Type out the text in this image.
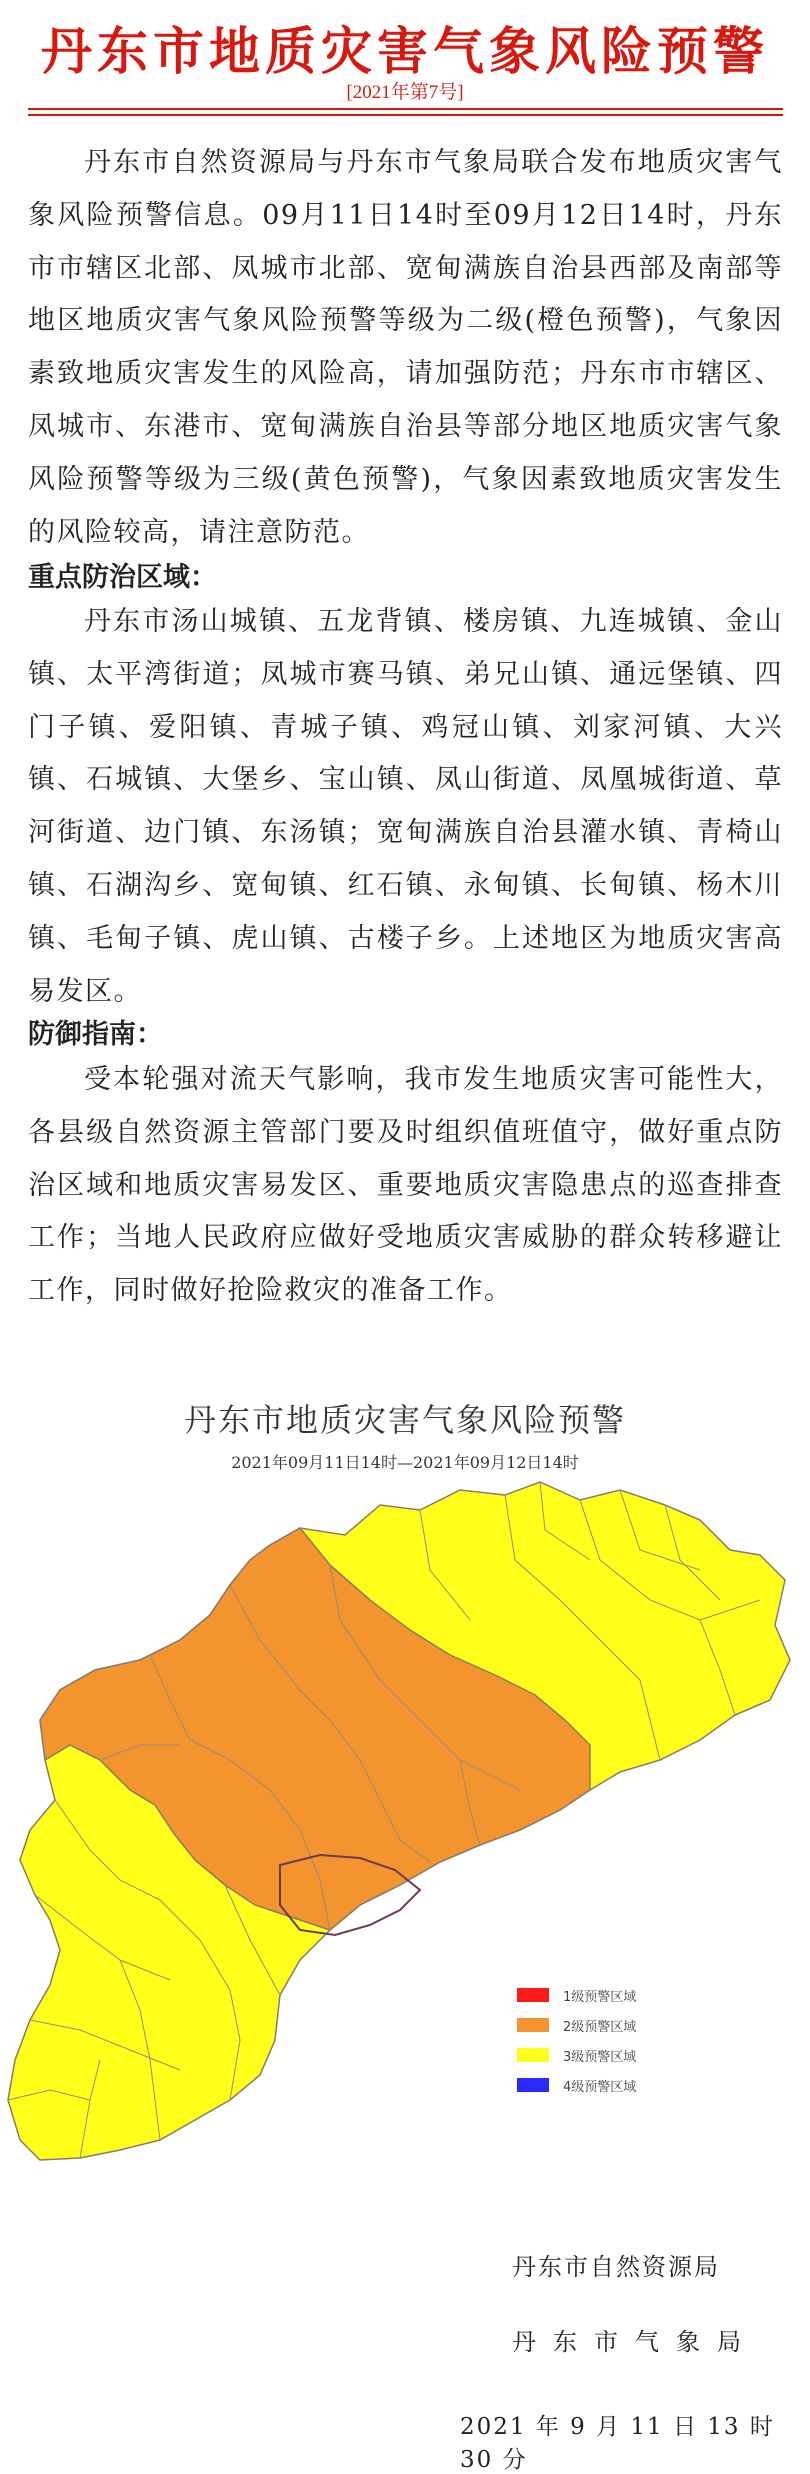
丹东市地质灾害气象风险预警
[2021年第7号]
丹东市自然资源局与丹东市气象局联合发布地质灾害气象风险预警信息。09月11日14时至09月12日14时，丹东市市辖区北部、凤城市北部、宽甸满族自治县西部及南部等地区地质灾害气象风险预警等级为二级(橙色预警)，气象因素致地质灾害发生的风险高，请加强防范；丹东市市辖区、凤城市、东港市、宽甸满族自治县等部分地区地质灾害气象风险预警等级为三级(黄色预警)，气象因素致地质灾害发生的风险较高，请注意防范。
重点防治区域：
丹东市汤山城镇、五龙背镇、楼房镇、九连城镇、金山镇、太平湾街道；凤城市赛马镇、弟兄山镇、通远堡镇、四门子镇、爱阳镇、青城子镇、鸡冠山镇、刘家河镇、大兴镇、石城镇、大堡乡、宝山镇、凤山街道、凤凰城街道、草河街道、边门镇、东汤镇；宽甸满族自治县灌水镇、青椅山镇、石湖沟乡、宽甸镇、红石镇、永甸镇、长甸镇、杨木川镇、毛甸子镇、虎山镇、古楼子乡。上述地区为地质灾害高易发区。
防御指南：
受本轮强对流天气影响，我市发生地质灾害可能性大，各县级自然资源主管部门要及时组织值班值守，做好重点防治区域和地质灾害易发区、重要地质灾害隐患点的巡查排查工作；当地人民政府应做好受地质灾害威胁的群众转移避让工作，同时做好抢险救灾的准备工作。
丹东市地质灾害气象风险预警
2021年09月11日14时—2021年09月12日14时
1级预警区域
2级预警区域
3级预警区域
4级预警区域
丹东市自然资源局
丹东市气象局
2021 年 9 月 11 日 13 时 30 分
